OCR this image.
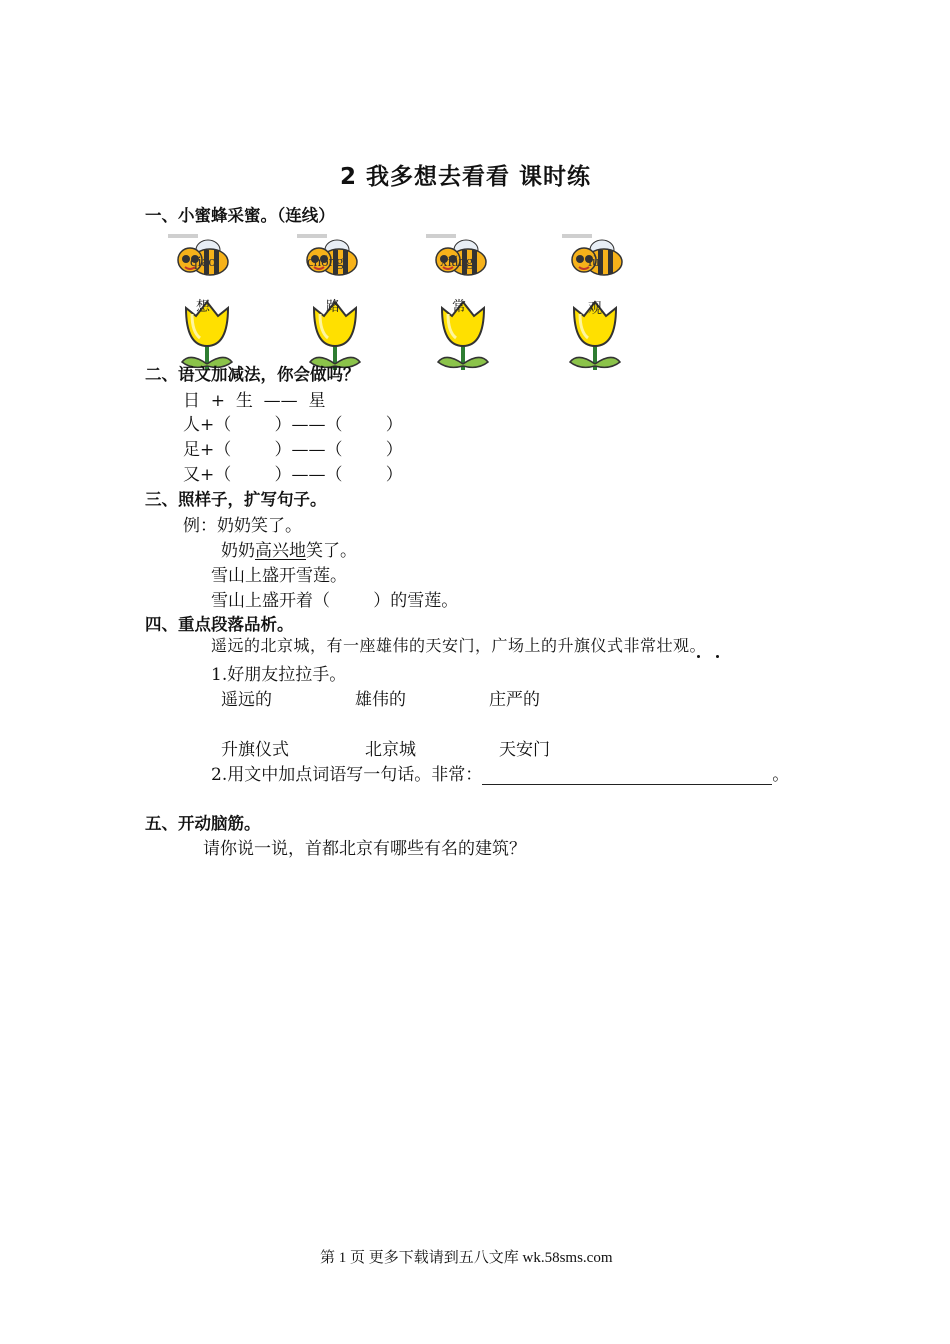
2 我多想去看看 课时练
一、小蜜蜂采蜜。（连线）
qiáo	chóng	xiǎng	lù
想	路	常	观
二、语文加减法，你会做吗？
日  +  生  ——  星
人+（        ）——（        ）
足+（        ）——（        ）
又+（        ）——（        ）
三、照样子，扩写句子。
例：奶奶笑了。
奶奶高兴地笑了。
雪山上盛开雪莲。
雪山上盛开着（        ）的雪莲。
四、重点段落品析。
遥远的北京城，有一座雄伟的天安门，广场上的升旗仪式非常壮观。
1.好朋友拉拉手。
遥远的	雄伟的	庄严的
升旗仪式	北京城	天安门
2.用文中加点词语写一句话。非常：	。
五、开动脑筋。
请你说一说，首都北京有哪些有名的建筑？
第 1 页 更多下载请到五八文库 wk.58sms.com
